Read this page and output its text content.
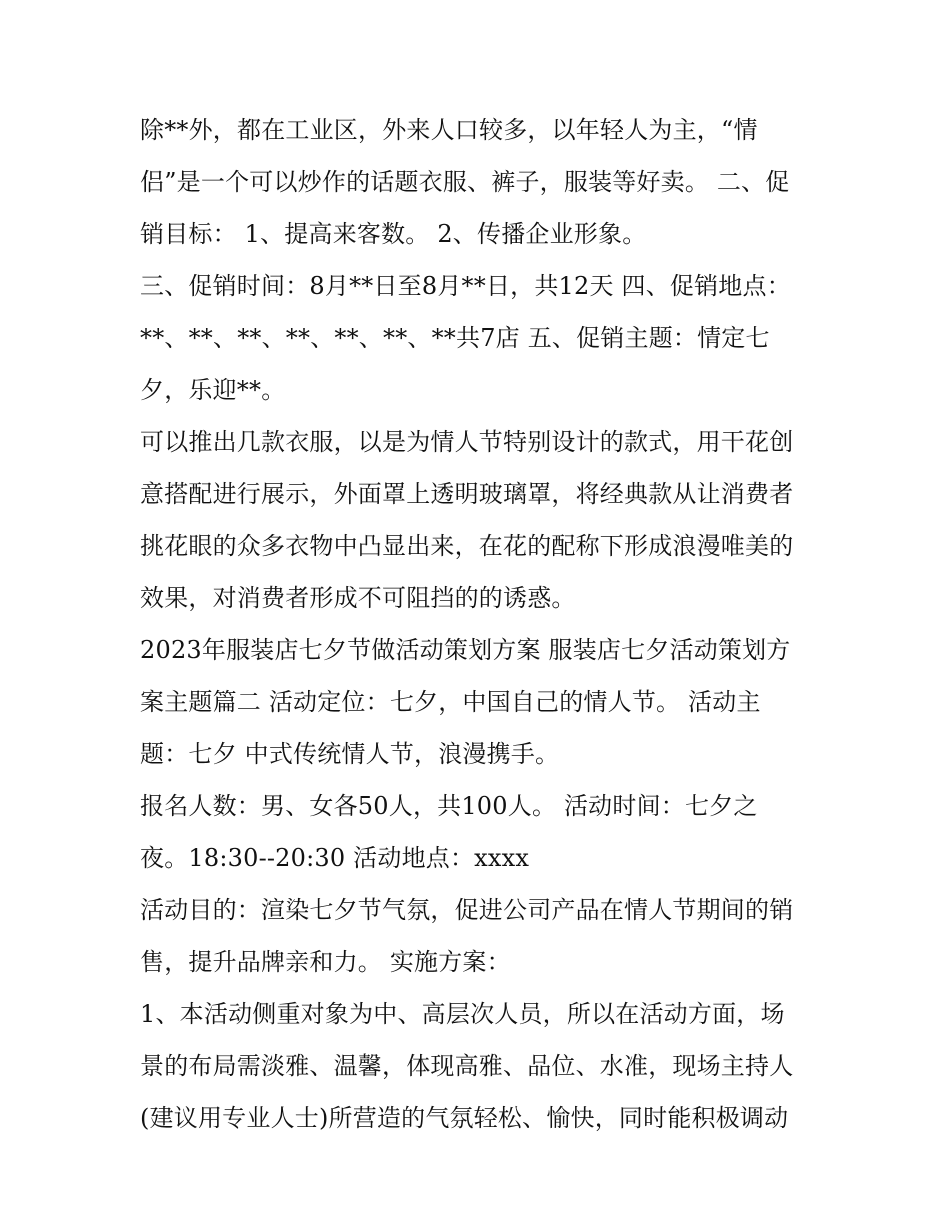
除**外，都在工业区，外来人口较多，以年轻人为主，“情
侣”是一个可以炒作的话题衣服、裤子，服装等好卖。 二、促
销目标： 1、提高来客数。 2、传播企业形象。
三、促销时间：8月**日至8月**日，共12天 四、促销地点：
**、**、**、**、**、**、**共7店 五、促销主题：情定七
夕，乐迎**。
可以推出几款衣服，以是为情人节特别设计的款式，用干花创
意搭配进行展示，外面罩上透明玻璃罩，将经典款从让消费者
挑花眼的众多衣物中凸显出来，在花的配称下形成浪漫唯美的
效果，对消费者形成不可阻挡的的诱惑。
2023年服装店七夕节做活动策划方案 服装店七夕活动策划方
案主题篇二 活动定位：七夕，中国自己的情人节。 活动主
题：七夕 中式传统情人节，浪漫携手。
报名人数：男、女各50人，共100人。 活动时间：七夕之
夜。18:30--20:30 活动地点：xxxx
活动目的：渲染七夕节气氛，促进公司产品在情人节期间的销
售，提升品牌亲和力。 实施方案：
1、本活动侧重对象为中、高层次人员，所以在活动方面，场
景的布局需淡雅、温馨，体现高雅、品位、水准，现场主持人
(建议用专业人士)所营造的气氛轻松、愉快，同时能积极调动
